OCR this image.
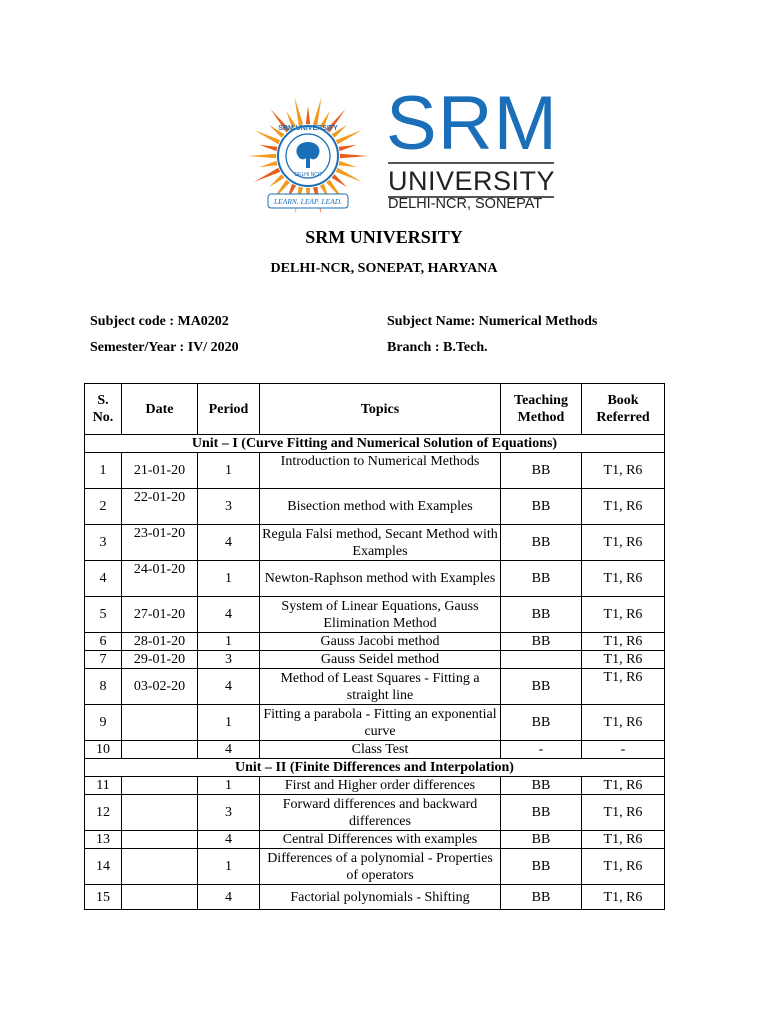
SRM UNIVERSITY
DELHI NCR
LEARN. LEAP. LEAD.
SRM
UNIVERSITY
DELHI-NCR, SONEPAT
SRM UNIVERSITY
DELHI-NCR, SONEPAT, HARYANA
Subject code : MA0202	Subject Name: Numerical Methods
Semester/Year : IV/ 2020	Branch : B.Tech.
S. No.	Date	Period	Topics	Teaching Method	Book Referred
Unit – I (Curve Fitting and Numerical Solution of Equations)					
1	21-01-20	1	Introduction to Numerical Methods	BB	T1, R6
2	22-01-20	3	Bisection method with Examples	BB	T1, R6
3	23-01-20	4	Regula Falsi method, Secant Method with Examples	BB	T1, R6
4	24-01-20	1	Newton-Raphson method with Examples	BB	T1, R6
5	27-01-20	4	System of Linear Equations, Gauss Elimination Method	BB	T1, R6
6	28-01-20	1	Gauss Jacobi method	BB	T1, R6
7	29-01-20	3	Gauss Seidel method		T1, R6
8	03-02-20	4	Method of Least Squares - Fitting a straight line	BB	T1, R6
9		1	Fitting a parabola - Fitting an exponential curve	BB	T1, R6
10		4	Class Test	-	-
Unit – II (Finite Differences and Interpolation)					
11		1	First and Higher order differences	BB	T1, R6
12		3	Forward differences and backward differences	BB	T1, R6
13		4	Central Differences with examples	BB	T1, R6
14		1	Differences of a polynomial - Properties of operators	BB	T1, R6
15		4	Factorial polynomials - Shifting	BB	T1, R6
